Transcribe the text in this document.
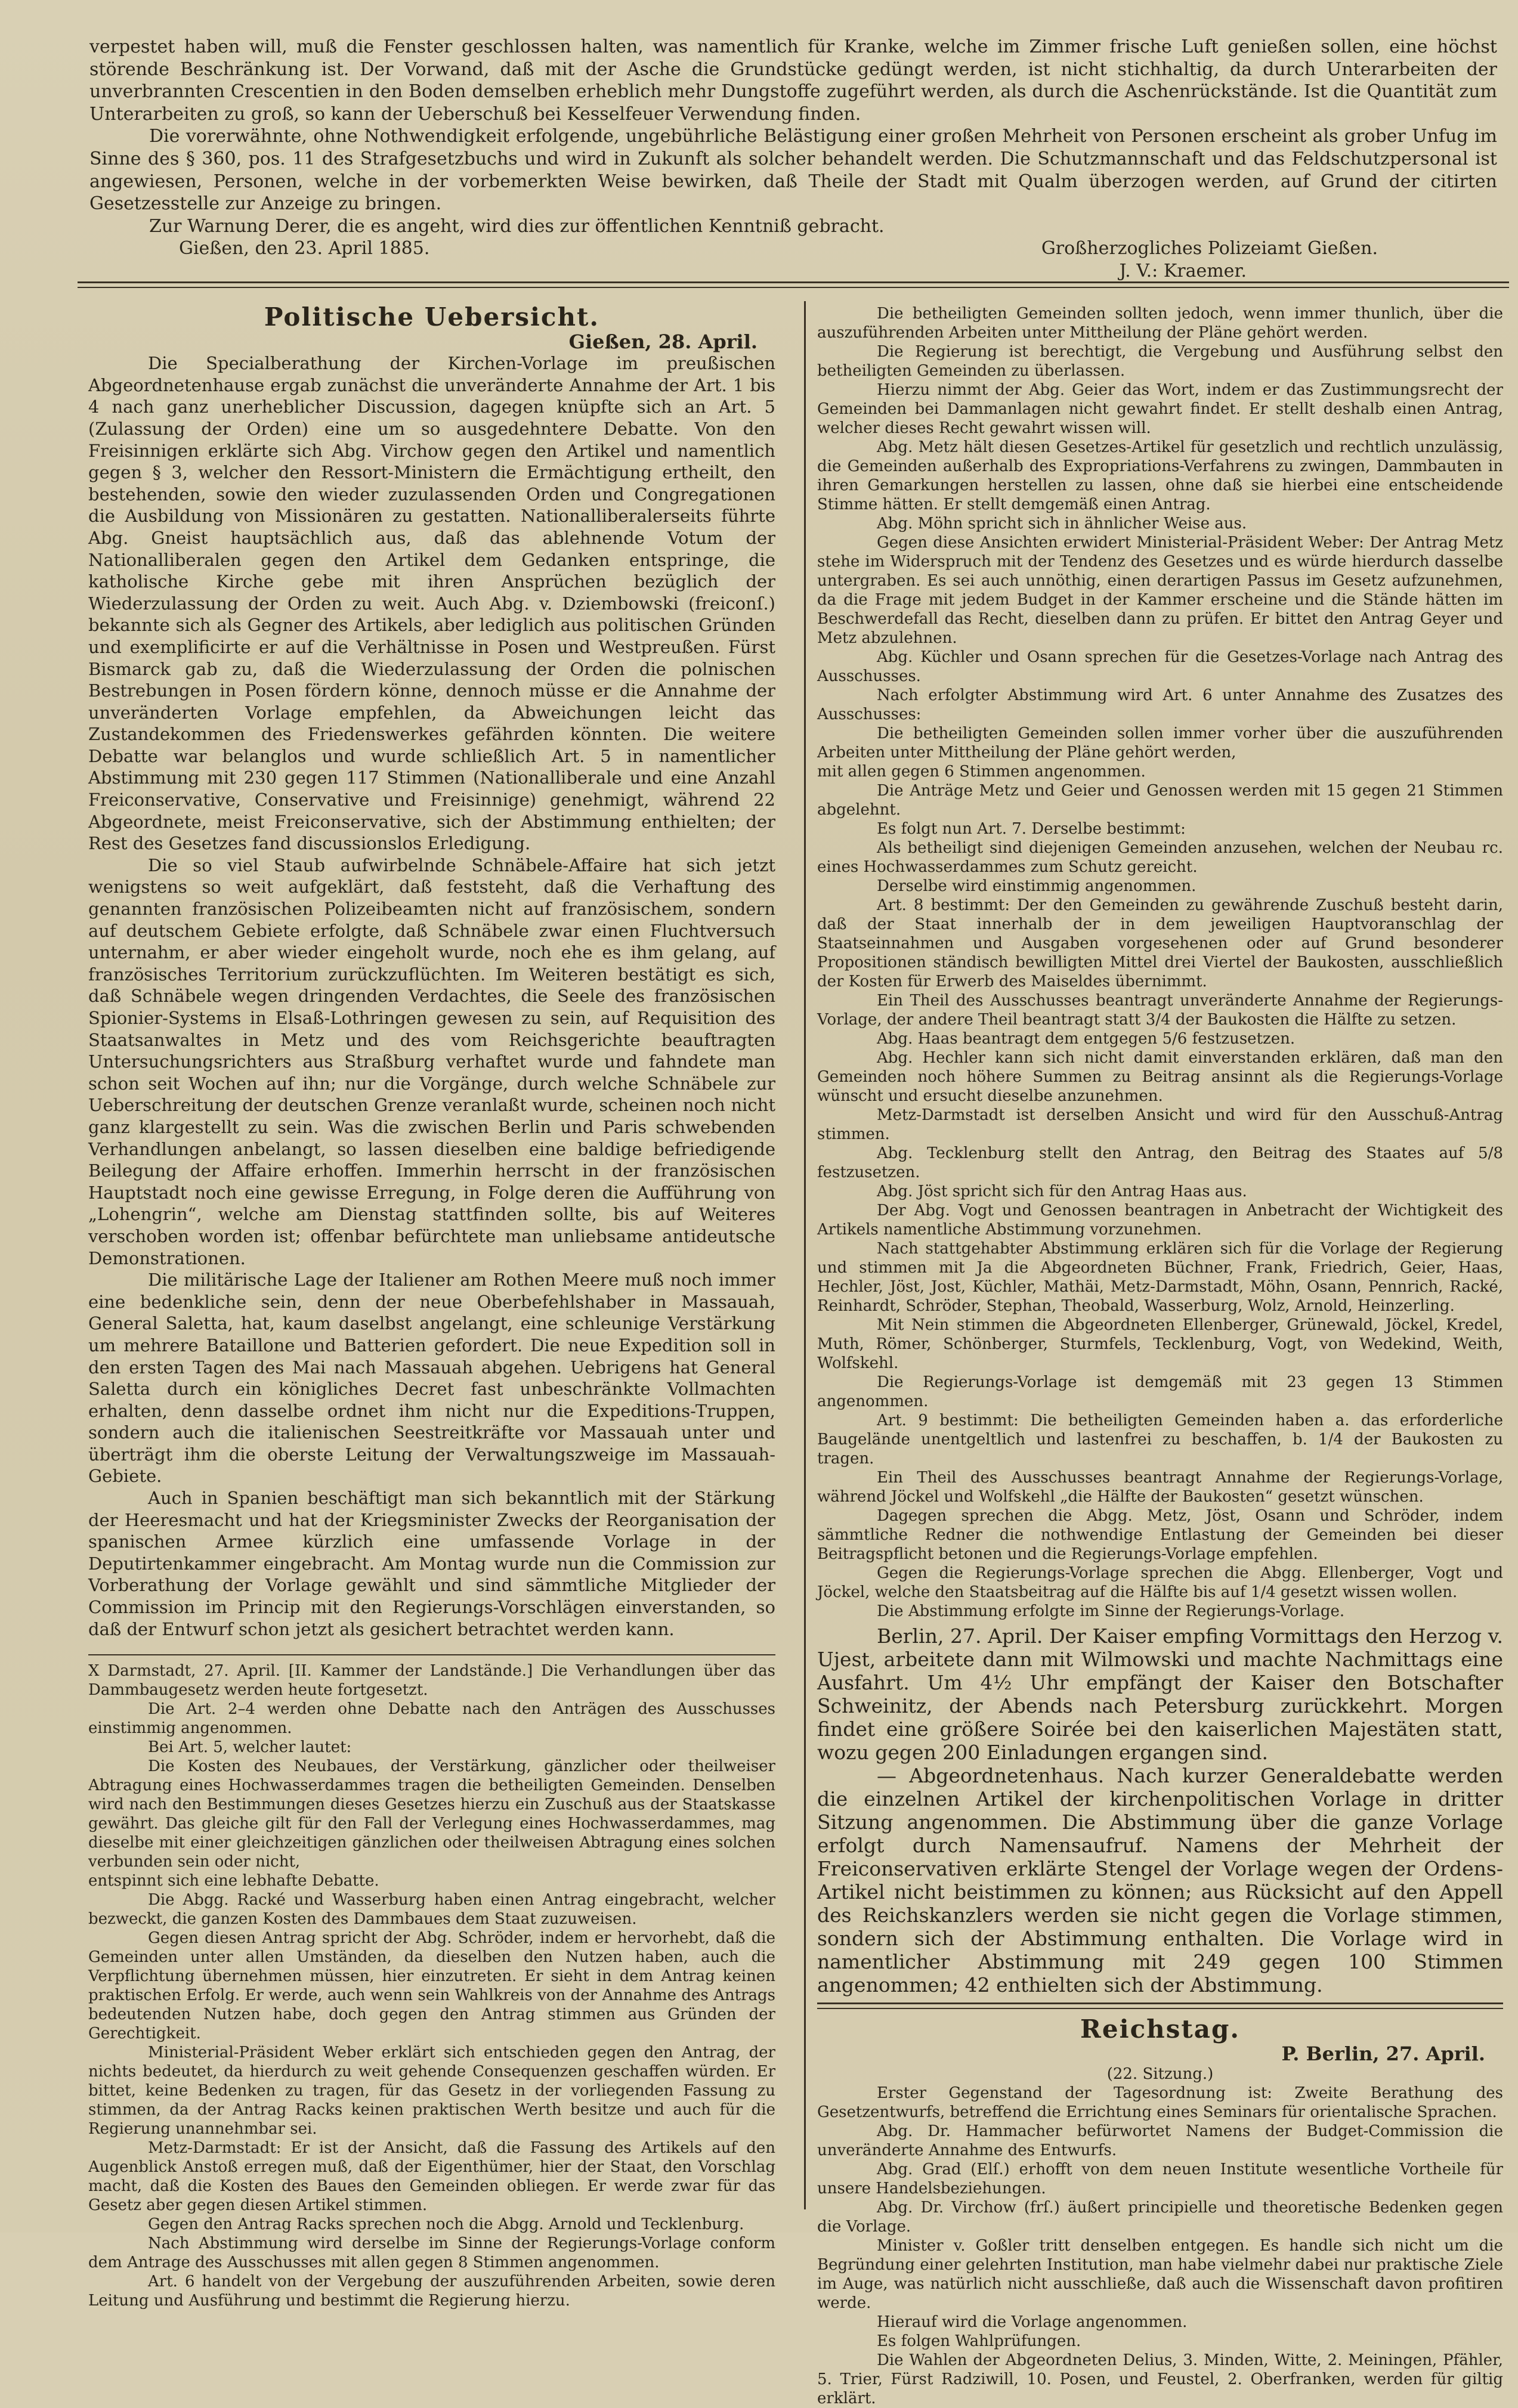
verpestet haben will, muß die Fenster geschlossen halten, was namentlich für Kranke, welche im Zimmer frische Luft genießen sollen, eine höchst störende Beschränkung ist. Der Vorwand, daß mit der Asche die Grundstücke gedüngt werden, ist nicht stichhaltig, da durch Unterarbeiten der unverbrannten Crescentien in den Boden demselben erheblich mehr Dungstoffe zugeführt werden, als durch die Aschenrückstände. Ist die Quantität zum Unterarbeiten zu groß, so kann der Ueberschuß bei Kesselfeuer Verwendung finden.

Die vorerwähnte, ohne Nothwendigkeit erfolgende, ungebührliche Belästigung einer großen Mehrheit von Personen erscheint als grober Unfug im Sinne des § 360, pos. 11 des Strafgesetzbuchs und wird in Zukunft als solcher behandelt werden. Die Schutzmannschaft und das Feldschutzpersonal ist angewiesen, Personen, welche in der vorbemerkten Weise bewirken, daß Theile der Stadt mit Qualm überzogen werden, auf Grund der citirten Gesetzesstelle zur Anzeige zu bringen.

Zur Warnung Derer, die es angeht, wird dies zur öffentlichen Kenntniß gebracht.

Gießen, den 23. April 1885.	Großherzogliches Polizeiamt Gießen.
J. V.: Kraemer.
Politische Uebersicht.
Gießen, 28. April.

Die Specialberathung der Kirchen-Vorlage im preußischen Abgeordnetenhause ergab zunächst die unveränderte Annahme der Art. 1 bis 4 nach ganz unerheblicher Discussion, dagegen knüpfte sich an Art. 5 (Zulassung der Orden) eine um so ausgedehntere Debatte. Von den Freisinnigen erklärte sich Abg. Virchow gegen den Artikel und namentlich gegen § 3, welcher den Ressort-Ministern die Ermächtigung ertheilt, den bestehenden, sowie den wieder zuzulassenden Orden und Congregationen die Ausbildung von Missionären zu gestatten. Nationalliberalerseits führte Abg. Gneist hauptsächlich aus, daß das ablehnende Votum der Nationalliberalen gegen den Artikel dem Gedanken entspringe, die katholische Kirche gebe mit ihren Ansprüchen bezüglich der Wiederzulassung der Orden zu weit. Auch Abg. v. Dziembowski (freiconſ.) bekannte sich als Gegner des Artikels, aber lediglich aus politischen Gründen und exemplificirte er auf die Verhältnisse in Posen und Westpreußen. Fürst Bismarck gab zu, daß die Wiederzulassung der Orden die polnischen Bestrebungen in Posen fördern könne, dennoch müsse er die Annahme der unveränderten Vorlage empfehlen, da Abweichungen leicht das Zustandekommen des Friedenswerkes gefährden könnten. Die weitere Debatte war belanglos und wurde schließlich Art. 5 in namentlicher Abstimmung mit 230 gegen 117 Stimmen (Nationalliberale und eine Anzahl Freiconservative, Conservative und Freisinnige) genehmigt, während 22 Abgeordnete, meist Freiconservative, sich der Abstimmung enthielten; der Rest des Gesetzes fand discussionslos Erledigung.

Die so viel Staub aufwirbelnde Schnäbele-Affaire hat sich jetzt wenigstens so weit aufgeklärt, daß feststeht, daß die Verhaftung des genannten französischen Polizeibeamten nicht auf französischem, sondern auf deutschem Gebiete erfolgte, daß Schnäbele zwar einen Fluchtversuch unternahm, er aber wieder eingeholt wurde, noch ehe es ihm gelang, auf französisches Territorium zurückzuflüchten. Im Weiteren bestätigt es sich, daß Schnäbele wegen dringenden Verdachtes, die Seele des französischen Spionier-Systems in Elsaß-Lothringen gewesen zu sein, auf Requisition des Staatsanwaltes in Metz und des vom Reichsgerichte beauftragten Untersuchungsrichters aus Straßburg verhaftet wurde und fahndete man schon seit Wochen auf ihn; nur die Vorgänge, durch welche Schnäbele zur Ueberschreitung der deutschen Grenze veranlaßt wurde, scheinen noch nicht ganz klargestellt zu sein. Was die zwischen Berlin und Paris schwebenden Verhandlungen anbelangt, so lassen dieselben eine baldige befriedigende Beilegung der Affaire erhoffen. Immerhin herrscht in der französischen Hauptstadt noch eine gewisse Erregung, in Folge deren die Aufführung von „Lohengrin“, welche am Dienstag stattfinden sollte, bis auf Weiteres verschoben worden ist; offenbar befürchtete man unliebsame antideutsche Demonstrationen.

Die militärische Lage der Italiener am Rothen Meere muß noch immer eine bedenkliche sein, denn der neue Oberbefehlshaber in Massauah, General Saletta, hat, kaum daselbst angelangt, eine schleunige Verstärkung um mehrere Bataillone und Batterien gefordert. Die neue Expedition soll in den ersten Tagen des Mai nach Massauah abgehen. Uebrigens hat General Saletta durch ein königliches Decret fast unbeschränkte Vollmachten erhalten, denn dasselbe ordnet ihm nicht nur die Expeditions-Truppen, sondern auch die italienischen Seestreitkräfte vor Massauah unter und überträgt ihm die oberste Leitung der Verwaltungszweige im Massauah-Gebiete.

Auch in Spanien beschäftigt man sich bekanntlich mit der Stärkung der Heeresmacht und hat der Kriegsminister Zwecks der Reorganisation der spanischen Armee kürzlich eine umfassende Vorlage in der Deputirtenkammer eingebracht. Am Montag wurde nun die Commission zur Vorberathung der Vorlage gewählt und sind sämmtliche Mitglieder der Commission im Princip mit den Regierungs-Vorschlägen einverstanden, so daß der Entwurf schon jetzt als gesichert betrachtet werden kann.

X Darmstadt, 27. April. [II. Kammer der Landstände.] Die Verhandlungen über das Dammbaugesetz werden heute fortgesetzt.

Die Art. 2–4 werden ohne Debatte nach den Anträgen des Ausschusses einstimmig angenommen.

Bei Art. 5, welcher lautet:

Die Kosten des Neubaues, der Verstärkung, gänzlicher oder theilweiser Abtragung eines Hochwasserdammes tragen die betheiligten Gemeinden. Denselben wird nach den Bestimmungen dieses Gesetzes hierzu ein Zuschuß aus der Staatskasse gewährt. Das gleiche gilt für den Fall der Verlegung eines Hochwasserdammes, mag dieselbe mit einer gleichzeitigen gänzlichen oder theilweisen Abtragung eines solchen verbunden sein oder nicht,

entspinnt sich eine lebhafte Debatte.

Die Abgg. Racké und Wasserburg haben einen Antrag eingebracht, welcher bezweckt, die ganzen Kosten des Dammbaues dem Staat zuzuweisen.

Gegen diesen Antrag spricht der Abg. Schröder, indem er hervorhebt, daß die Gemeinden unter allen Umständen, da dieselben den Nutzen haben, auch die Verpflichtung übernehmen müssen, hier einzutreten. Er sieht in dem Antrag keinen praktischen Erfolg. Er werde, auch wenn sein Wahlkreis von der Annahme des Antrags bedeutenden Nutzen habe, doch gegen den Antrag stimmen aus Gründen der Gerechtigkeit.

Ministerial-Präsident Weber erklärt sich entschieden gegen den Antrag, der nichts bedeutet, da hierdurch zu weit gehende Consequenzen geschaffen würden. Er bittet, keine Bedenken zu tragen, für das Gesetz in der vorliegenden Fassung zu stimmen, da der Antrag Racks keinen praktischen Werth besitze und auch für die Regierung unannehmbar sei.

Metz-Darmstadt: Er ist der Ansicht, daß die Fassung des Artikels auf den Augenblick Anstoß erregen muß, daß der Eigenthümer, hier der Staat, den Vorschlag macht, daß die Kosten des Baues den Gemeinden obliegen. Er werde zwar für das Gesetz aber gegen diesen Artikel stimmen.

Gegen den Antrag Racks sprechen noch die Abgg. Arnold und Tecklenburg.

Nach Abstimmung wird derselbe im Sinne der Regierungs-Vorlage conform dem Antrage des Ausschusses mit allen gegen 8 Stimmen angenommen.

Art. 6 handelt von der Vergebung der auszuführenden Arbeiten, sowie deren Leitung und Ausführung und bestimmt die Regierung hierzu.

Die betheiligten Gemeinden sollten jedoch, wenn immer thunlich, über die auszuführenden Arbeiten unter Mittheilung der Pläne gehört werden.

Die Regierung ist berechtigt, die Vergebung und Ausführung selbst den betheiligten Gemeinden zu überlassen.

Hierzu nimmt der Abg. Geier das Wort, indem er das Zustimmungsrecht der Gemeinden bei Dammanlagen nicht gewahrt findet. Er stellt deshalb einen Antrag, welcher dieses Recht gewahrt wissen will.

Abg. Metz hält diesen Gesetzes-Artikel für gesetzlich und rechtlich unzulässig, die Gemeinden außerhalb des Expropriations-Verfahrens zu zwingen, Dammbauten in ihren Gemarkungen herstellen zu lassen, ohne daß sie hierbei eine entscheidende Stimme hätten. Er stellt demgemäß einen Antrag.

Abg. Möhn spricht sich in ähnlicher Weise aus.

Gegen diese Ansichten erwidert Ministerial-Präsident Weber: Der Antrag Metz stehe im Widerspruch mit der Tendenz des Gesetzes und es würde hierdurch dasselbe untergraben. Es sei auch unnöthig, einen derartigen Passus im Gesetz aufzunehmen, da die Frage mit jedem Budget in der Kammer erscheine und die Stände hätten im Beschwerdefall das Recht, dieselben dann zu prüfen. Er bittet den Antrag Geyer und Metz abzulehnen.

Abg. Küchler und Osann sprechen für die Gesetzes-Vorlage nach Antrag des Ausschusses.

Nach erfolgter Abstimmung wird Art. 6 unter Annahme des Zusatzes des Ausschusses:

Die betheiligten Gemeinden sollen immer vorher über die auszuführenden Arbeiten unter Mittheilung der Pläne gehört werden,

mit allen gegen 6 Stimmen angenommen.

Die Anträge Metz und Geier und Genossen werden mit 15 gegen 21 Stimmen abgelehnt.

Es folgt nun Art. 7. Derselbe bestimmt:

Als betheiligt sind diejenigen Gemeinden anzusehen, welchen der Neubau rc. eines Hochwasserdammes zum Schutz gereicht.

Derselbe wird einstimmig angenommen.

Art. 8 bestimmt: Der den Gemeinden zu gewährende Zuschuß besteht darin, daß der Staat innerhalb der in dem jeweiligen Hauptvoranschlag der Staatseinnahmen und Ausgaben vorgesehenen oder auf Grund besonderer Propositionen ständisch bewilligten Mittel drei Viertel der Baukosten, ausschließlich der Kosten für Erwerb des Maiseldes übernimmt.

Ein Theil des Ausschusses beantragt unveränderte Annahme der Regierungs-Vorlage, der andere Theil beantragt statt 3/4 der Baukosten die Hälfte zu setzen.

Abg. Haas beantragt dem entgegen 5/6 festzusetzen.

Abg. Hechler kann sich nicht damit einverstanden erklären, daß man den Gemeinden noch höhere Summen zu Beitrag ansinnt als die Regierungs-Vorlage wünscht und ersucht dieselbe anzunehmen.

Metz-Darmstadt ist derselben Ansicht und wird für den Ausschuß-Antrag stimmen.

Abg. Tecklenburg stellt den Antrag, den Beitrag des Staates auf 5/8 festzusetzen.

Abg. Jöst spricht sich für den Antrag Haas aus.

Der Abg. Vogt und Genossen beantragen in Anbetracht der Wichtigkeit des Artikels namentliche Abstimmung vorzunehmen.

Nach stattgehabter Abstimmung erklären sich für die Vorlage der Regierung und stimmen mit Ja die Abgeordneten Büchner, Frank, Friedrich, Geier, Haas, Hechler, Jöst, Jost, Küchler, Mathäi, Metz-Darmstadt, Möhn, Osann, Pennrich, Racké, Reinhardt, Schröder, Stephan, Theobald, Wasserburg, Wolz, Arnold, Heinzerling.

Mit Nein stimmen die Abgeordneten Ellenberger, Grünewald, Jöckel, Kredel, Muth, Römer, Schönberger, Sturmfels, Tecklenburg, Vogt, von Wedekind, Weith, Wolfskehl.

Die Regierungs-Vorlage ist demgemäß mit 23 gegen 13 Stimmen angenommen.

Art. 9 bestimmt: Die betheiligten Gemeinden haben a. das erforderliche Baugelände unentgeltlich und lastenfrei zu beschaffen, b. 1/4 der Baukosten zu tragen.

Ein Theil des Ausschusses beantragt Annahme der Regierungs-Vorlage, während Jöckel und Wolfskehl „die Hälfte der Baukosten“ gesetzt wünschen.

Dagegen sprechen die Abgg. Metz, Jöst, Osann und Schröder, indem sämmtliche Redner die nothwendige Entlastung der Gemeinden bei dieser Beitragspflicht betonen und die Regierungs-Vorlage empfehlen.

Gegen die Regierungs-Vorlage sprechen die Abgg. Ellenberger, Vogt und Jöckel, welche den Staatsbeitrag auf die Hälfte bis auf 1/4 gesetzt wissen wollen.

Die Abstimmung erfolgte im Sinne der Regierungs-Vorlage.

Berlin, 27. April. Der Kaiser empfing Vormittags den Herzog v. Ujest, arbeitete dann mit Wilmowski und machte Nachmittags eine Ausfahrt. Um 4½ Uhr empfängt der Kaiser den Botschafter Schweinitz, der Abends nach Petersburg zurückkehrt. Morgen findet eine größere Soirée bei den kaiserlichen Majestäten statt, wozu gegen 200 Einladungen ergangen sind.

— Abgeordnetenhaus. Nach kurzer Generaldebatte werden die einzelnen Artikel der kirchenpolitischen Vorlage in dritter Sitzung angenommen. Die Abstimmung über die ganze Vorlage erfolgt durch Namensaufruf. Namens der Mehrheit der Freiconservativen erklärte Stengel der Vorlage wegen der Ordens-Artikel nicht beistimmen zu können; aus Rücksicht auf den Appell des Reichskanzlers werden sie nicht gegen die Vorlage stimmen, sondern sich der Abstimmung enthalten. Die Vorlage wird in namentlicher Abstimmung mit 249 gegen 100 Stimmen angenommen; 42 enthielten sich der Abstimmung.

Reichstag.
P. Berlin, 27. April.

(22. Sitzung.)

Erster Gegenstand der Tagesordnung ist: Zweite Berathung des Gesetzentwurfs, betreffend die Errichtung eines Seminars für orientalische Sprachen.

Abg. Dr. Hammacher befürwortet Namens der Budget-Commission die unveränderte Annahme des Entwurfs.

Abg. Grad (Elſ.) erhofft von dem neuen Institute wesentliche Vortheile für unsere Handelsbeziehungen.

Abg. Dr. Virchow (frſ.) äußert principielle und theoretische Bedenken gegen die Vorlage.

Minister v. Goßler tritt denselben entgegen. Es handle sich nicht um die Begründung einer gelehrten Institution, man habe vielmehr dabei nur praktische Ziele im Auge, was natürlich nicht ausschließe, daß auch die Wissenschaft davon profitiren werde.

Hierauf wird die Vorlage angenommen.

Es folgen Wahlprüfungen.

Die Wahlen der Abgeordneten Delius, 3. Minden, Witte, 2. Meiningen, Pfähler, 5. Trier, Fürst Radziwill, 10. Posen, und Feustel, 2. Oberfranken, werden für giltig erklärt.
